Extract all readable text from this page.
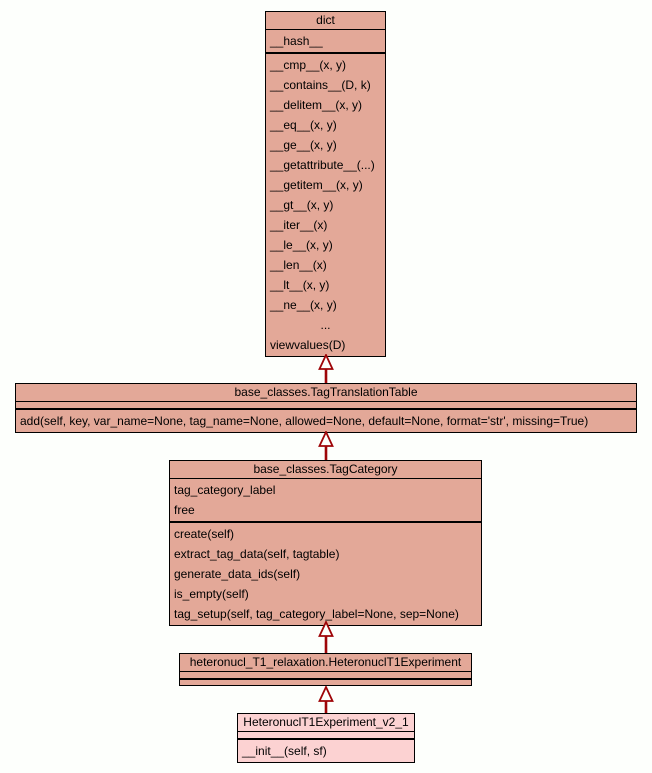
dict
__hash__
__cmp__(x, y)
__contains__(D, k)
__delitem__(x, y)
__eq__(x, y)
__ge__(x, y)
__getattribute__(...)
__getitem__(x, y)
__gt__(x, y)
__iter__(x)
__le__(x, y)
__len__(x)
__lt__(x, y)
__ne__(x, y)
...
viewvalues(D)
base_classes.TagTranslationTable
add(self, key, var_name=None, tag_name=None, allowed=None, default=None, format='str', missing=True)
base_classes.TagCategory
tag_category_label
free
create(self)
extract_tag_data(self, tagtable)
generate_data_ids(self)
is_empty(self)
tag_setup(self, tag_category_label=None, sep=None)
heteronucl_T1_relaxation.HeteronuclT1Experiment
HeteronuclT1Experiment_v2_1
__init__(self, sf)
